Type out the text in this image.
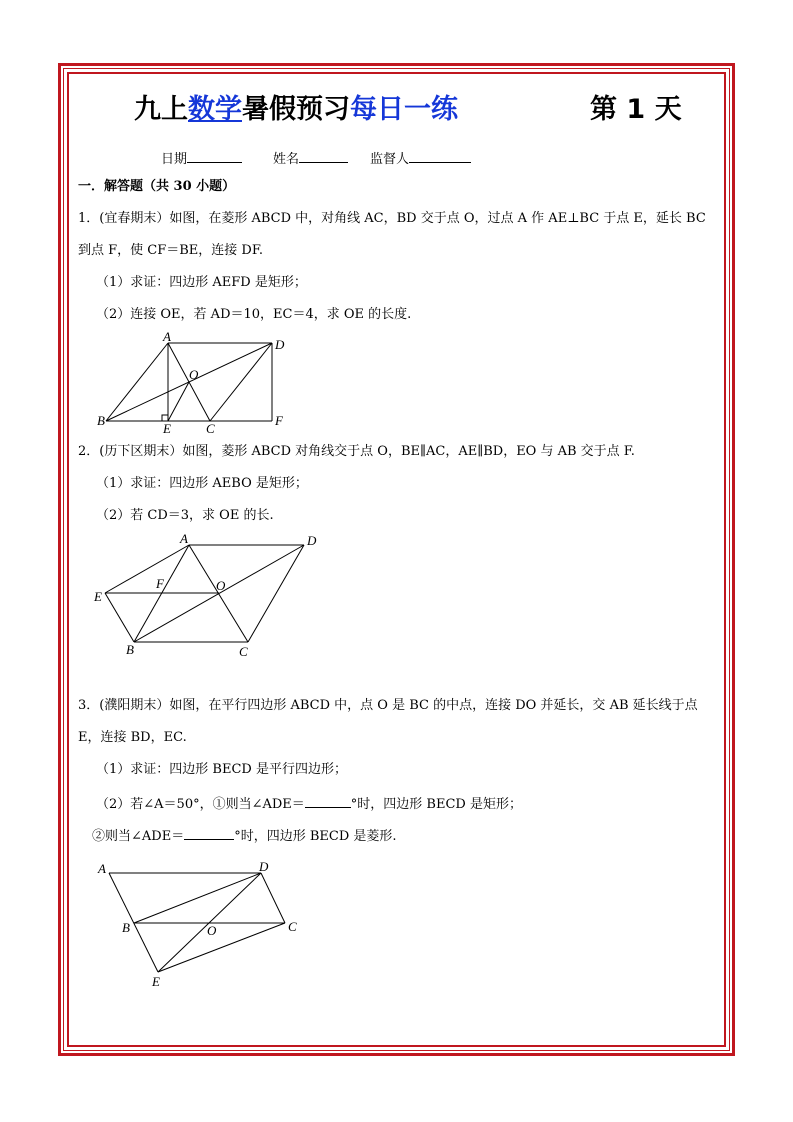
九上数学暑假预习每日一练	第 1 天
日期	姓名	监督人
一．解答题（共 30 小题）
1．(宜春期末）如图，在菱形 ABCD 中，对角线 AC，BD 交于点 O，过点 A 作 AE⊥BC 于点 E，延长 BC
到点 F，使 CF＝BE，连接 DF.
（1）求证：四边形 AEFD 是矩形；
（2）连接 OE，若 AD＝10，EC＝4，求 OE 的长度.
A
D
O
B
E	C
F
2．(历下区期末）如图，菱形 ABCD 对角线交于点 O，BE∥AC，AE∥BD，EO 与 AB 交于点 F.
（1）求证：四边形 AEBO 是矩形；
（2）若 CD＝3，求 OE 的长.
A	D
F	O
E
B	C
3．(濮阳期末）如图，在平行四边形 ABCD 中，点 O 是 BC 的中点，连接 DO 并延长，交 AB 延长线于点
E，连接 BD，EC.
（1）求证：四边形 BECD 是平行四边形；
（2）若∠A＝50°，①则当∠ADE＝	°时，四边形 BECD 是矩形；
②则当∠ADE＝	°时，四边形 BECD 是菱形.
A	D
B	O	C
E
